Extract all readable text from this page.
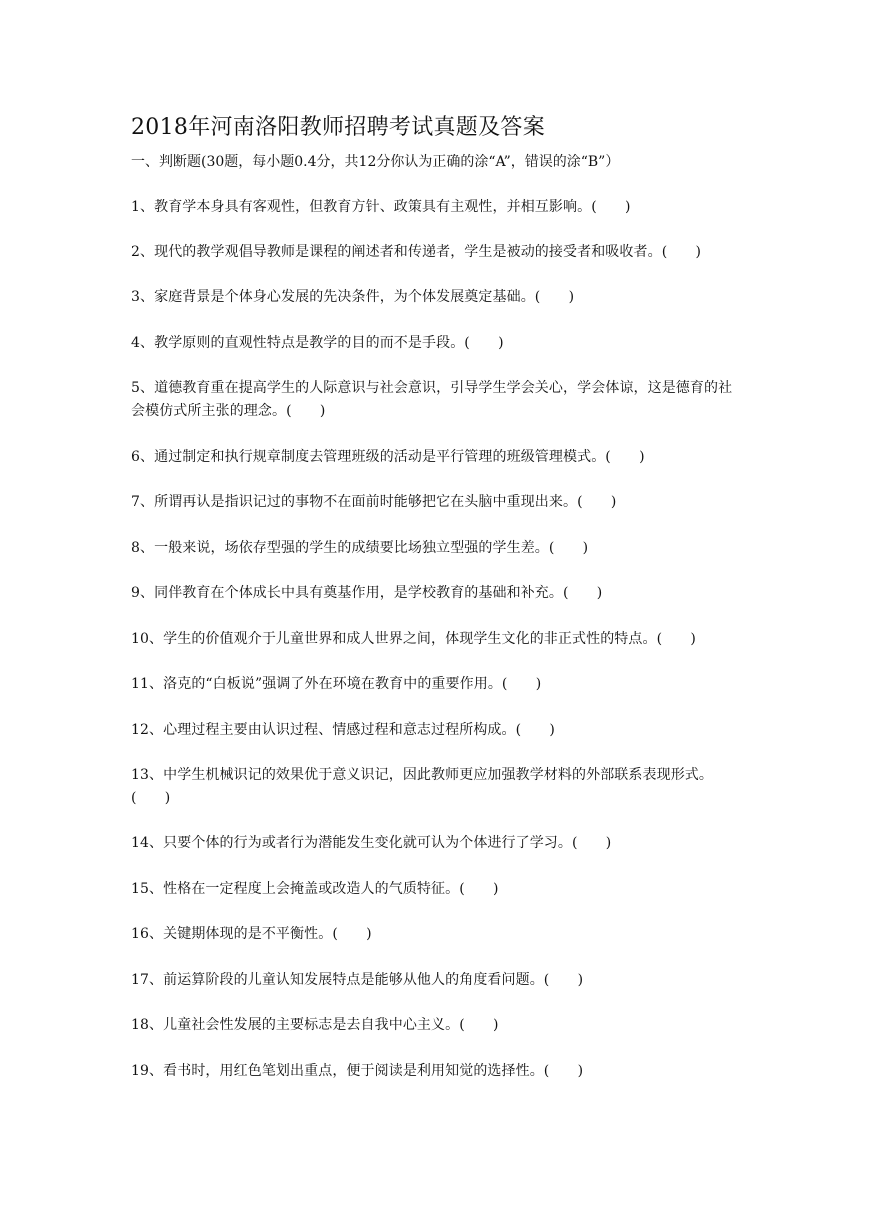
2018年河南洛阳教师招聘考试真题及答案
一、判断题(30题，每小题0.4分，共12分你认为正确的涂“A”，错误的涂“B”）
1、教育学本身具有客观性，但教育方针、政策具有主观性，并相互影响。(　　)
2、现代的教学观倡导教师是课程的阐述者和传递者，学生是被动的接受者和吸收者。(　　)
3、家庭背景是个体身心发展的先决条件，为个体发展奠定基础。(　　)
4、教学原则的直观性特点是教学的目的而不是手段。(　　)
5、道德教育重在提高学生的人际意识与社会意识，引导学生学会关心，学会体谅，这是德育的社会模仿式所主张的理念。(　　)
6、通过制定和执行规章制度去管理班级的活动是平行管理的班级管理模式。(　　)
7、所谓再认是指识记过的事物不在面前时能够把它在头脑中重现出来。(　　)
8、一般来说，场依存型强的学生的成绩要比场独立型强的学生差。(　　)
9、同伴教育在个体成长中具有奠基作用，是学校教育的基础和补充。(　　)
10、学生的价值观介于儿童世界和成人世界之间，体现学生文化的非正式性的特点。(　　)
11、洛克的“白板说”强调了外在环境在教育中的重要作用。(　　)
12、心理过程主要由认识过程、情感过程和意志过程所构成。(　　)
13、中学生机械识记的效果优于意义识记，因此教师更应加强教学材料的外部联系表现形式。(　　)
14、只要个体的行为或者行为潜能发生变化就可认为个体进行了学习。(　　)
15、性格在一定程度上会掩盖或改造人的气质特征。(　　)
16、关键期体现的是不平衡性。(　　)
17、前运算阶段的儿童认知发展特点是能够从他人的角度看问题。(　　)
18、儿童社会性发展的主要标志是去自我中心主义。(　　)
19、看书时，用红色笔划出重点，便于阅读是利用知觉的选择性。(　　)
